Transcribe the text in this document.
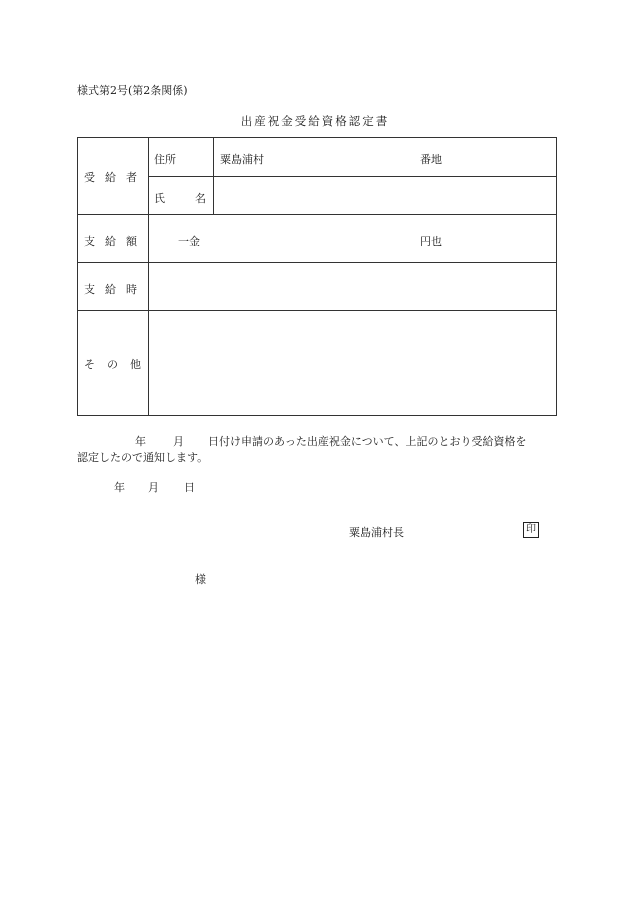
様式第2号(第2条関係)
出産祝金受給資格認定書
受給者
住所	粟島浦村	番地
氏名
支給額	一金	円也
支給時
その他
年 月 日付け申請のあった出産祝金について、上記のとおり受給資格を
認定したので通知します。
年 月 日
粟島浦村長	印
様
